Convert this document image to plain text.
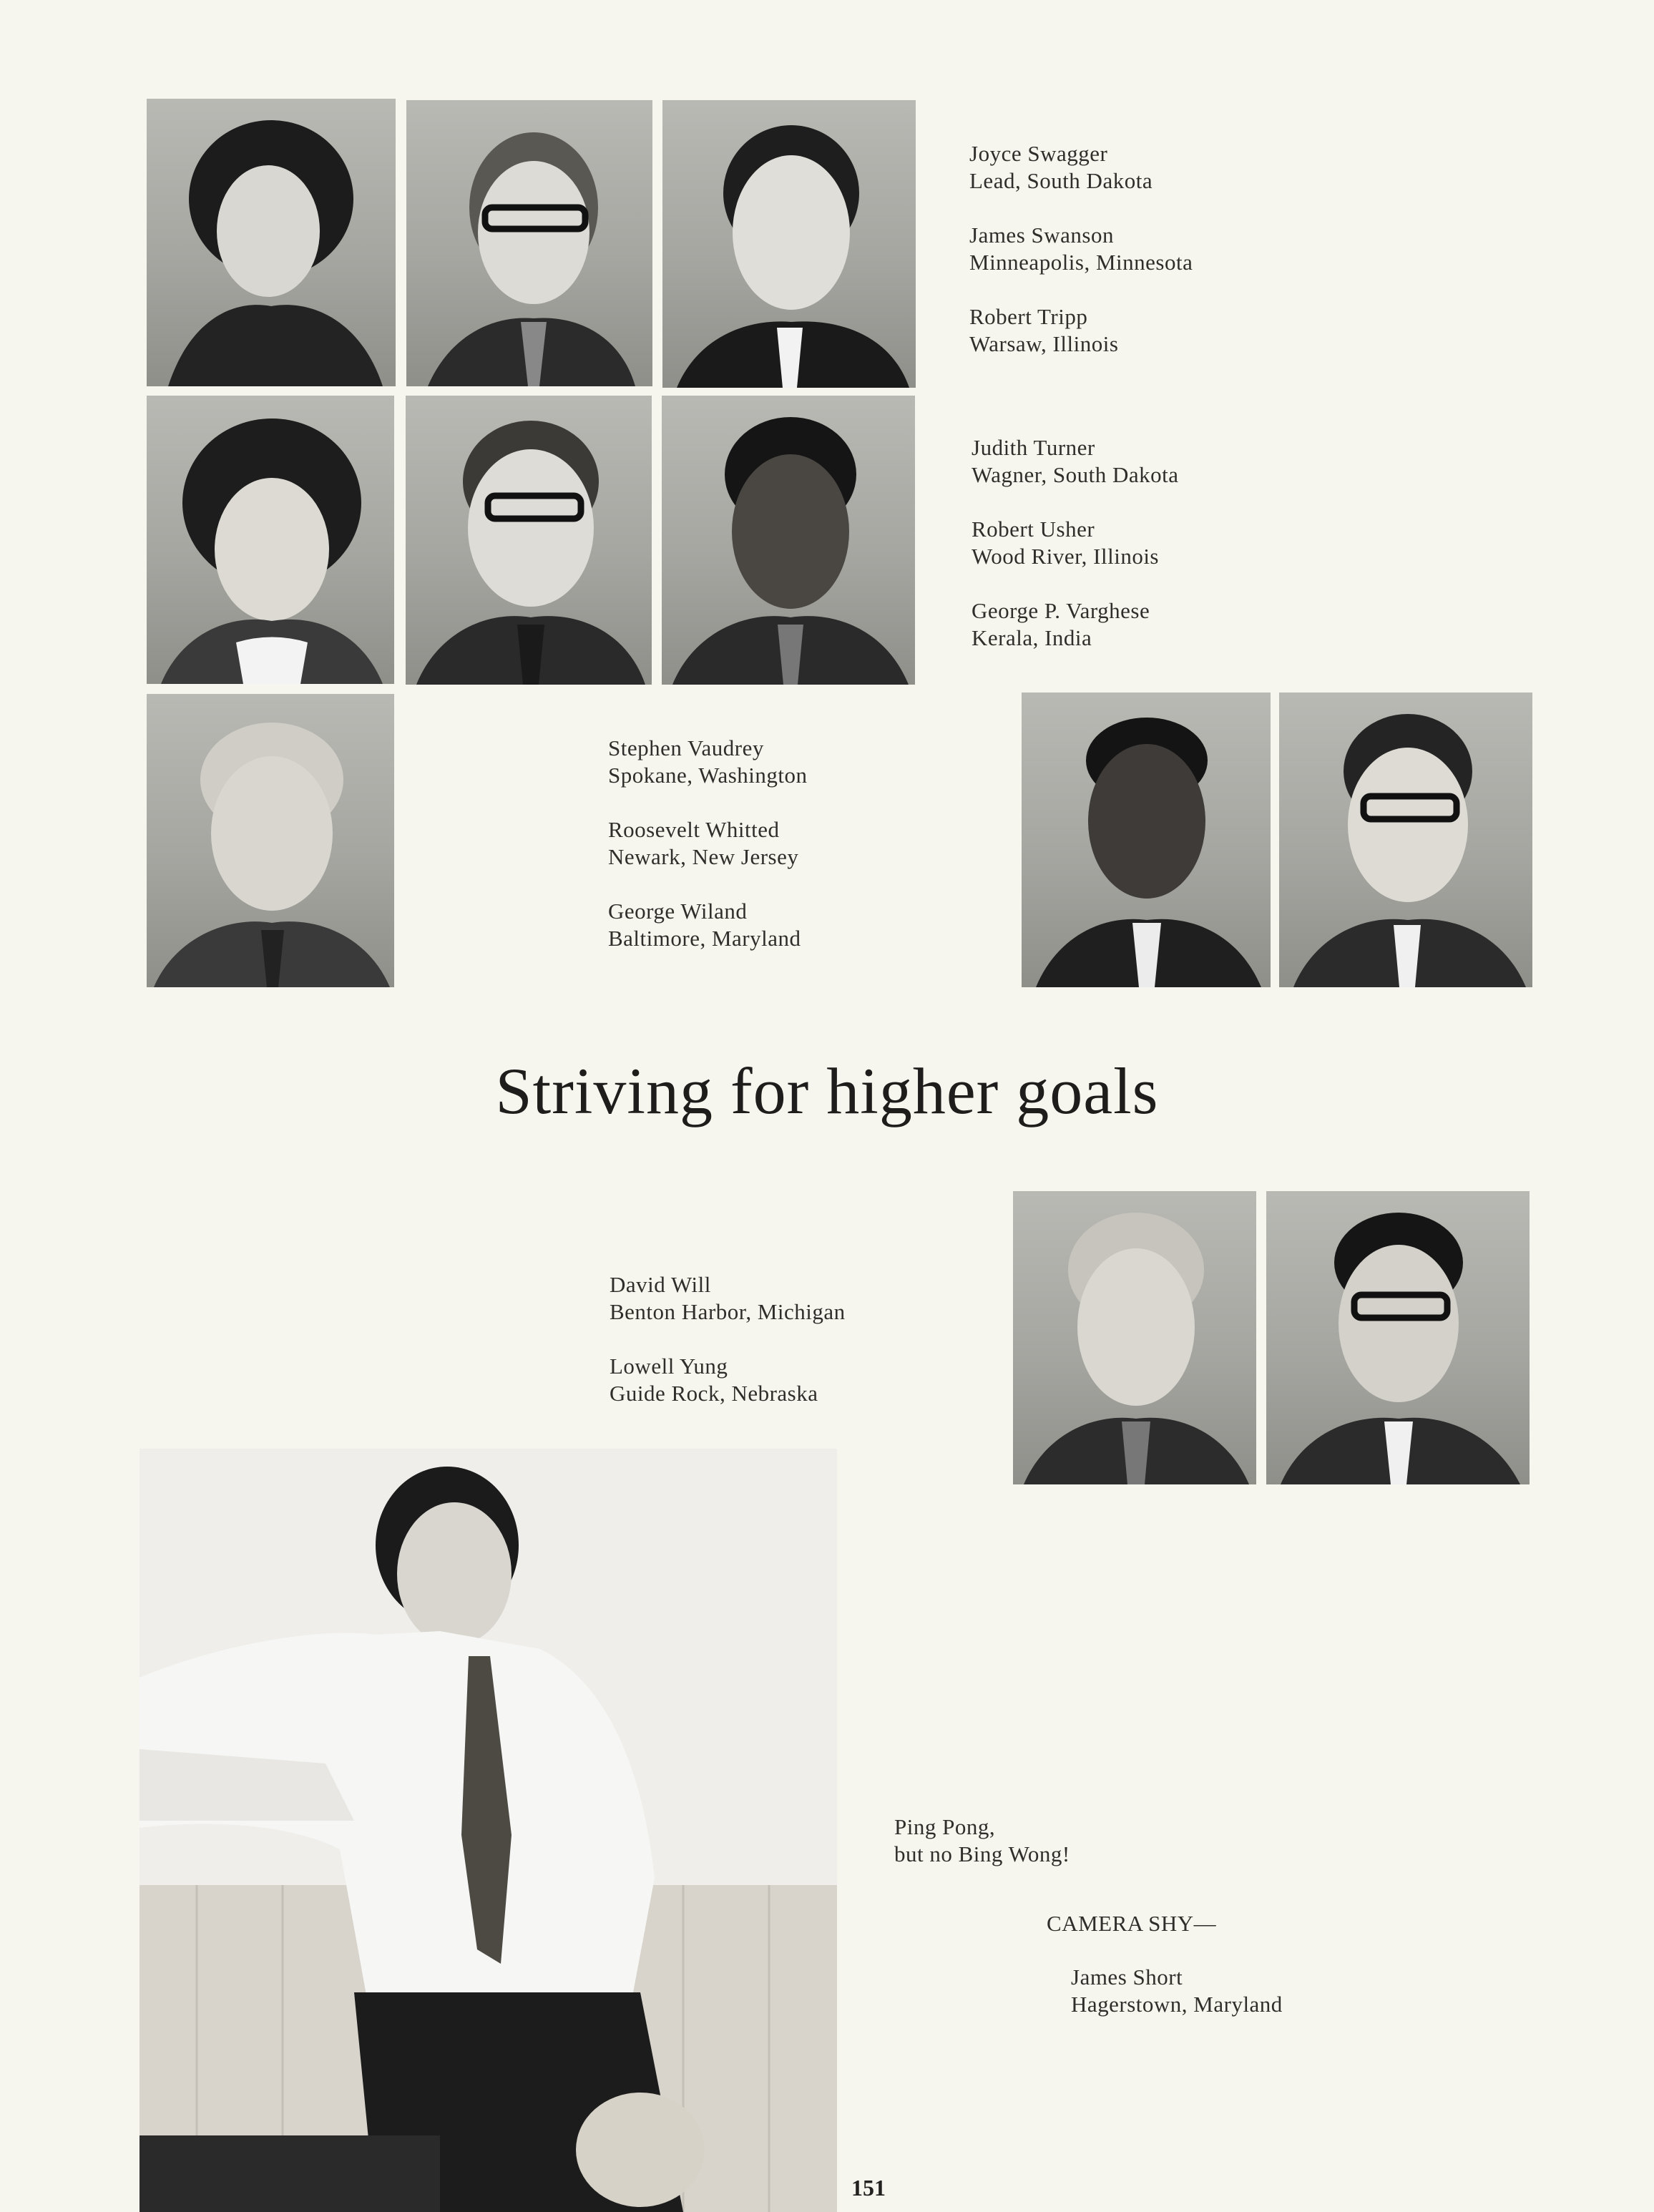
Joyce Swagger
Lead, South Dakota
James Swanson
Minneapolis, Minnesota
Robert Tripp
Warsaw, Illinois
Judith Turner
Wagner, South Dakota
Robert Usher
Wood River, Illinois
George P. Varghese
Kerala, India
Stephen Vaudrey
Spokane, Washington
Roosevelt Whitted
Newark, New Jersey
George Wiland
Baltimore, Maryland
Striving for higher goals
David Will
Benton Harbor, Michigan
Lowell Yung
Guide Rock, Nebraska
Ping Pong,
but no Bing Wong!
CAMERA SHY—
James Short
Hagerstown, Maryland
151
